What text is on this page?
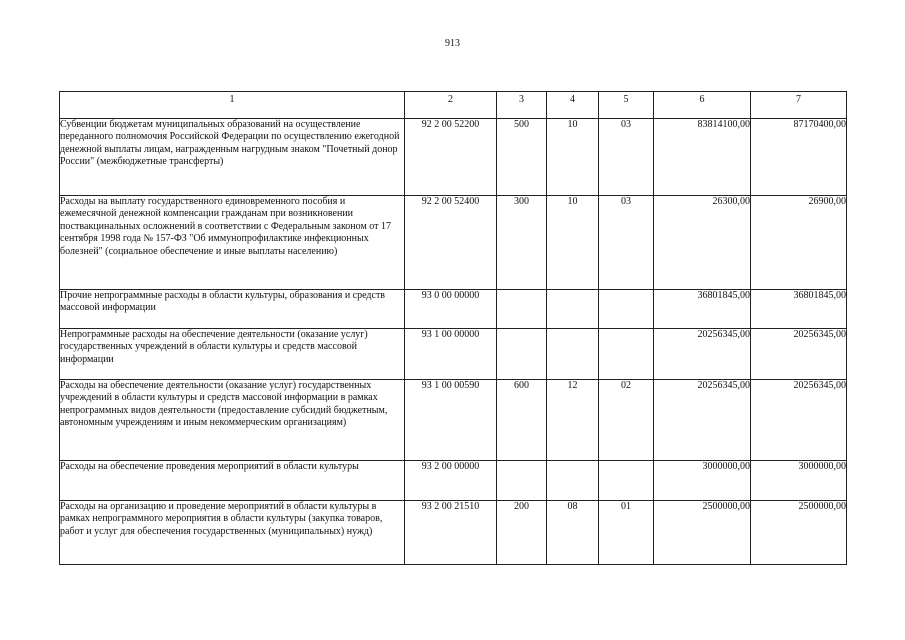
913
1	2	3	4	5	6	7
Субвенции бюджетам муниципальных образований на осуществление переданного полномочия Российской Федерации по осуществлению ежегодной денежной выплаты лицам, награжденным нагрудным знаком "Почетный донор России" (межбюджетные трансферты)	92 2 00 52200	500	10	03	83814100,00	87170400,00
Расходы на выплату государственного единовременного пособия и ежемесячной денежной компенсации гражданам при возникновении поствакцинальных осложнений в соответствии с Федеральным законом от 17 сентября 1998 года № 157-ФЗ "Об иммунопрофилактике инфекционных болезней" (социальное обеспечение и иные выплаты населению)	92 2 00 52400	300	10	03	26300,00	26900,00
Прочие непрограммные расходы в области культуры, образования и средств массовой информации	93 0 00 00000				36801845,00	36801845,00
Непрограммные расходы на обеспечение деятельности (оказание услуг) государственных учреждений в области культуры и средств массовой информации	93 1 00 00000				20256345,00	20256345,00
Расходы на обеспечение деятельности (оказание услуг) государственных учреждений в области культуры и средств массовой информации в рамках непрограммных видов деятельности (предоставление субсидий бюджетным, автономным учреждениям и иным некоммерческим организациям)	93 1 00 00590	600	12	02	20256345,00	20256345,00
Расходы на обеспечение проведения мероприятий в области культуры	93 2 00 00000				3000000,00	3000000,00
Расходы на организацию и проведение мероприятий в области культуры в рамках непрограммного мероприятия в области культуры (закупка товаров, работ и услуг для обеспечения государственных (муниципальных) нужд)	93 2 00 21510	200	08	01	2500000,00	2500000,00
